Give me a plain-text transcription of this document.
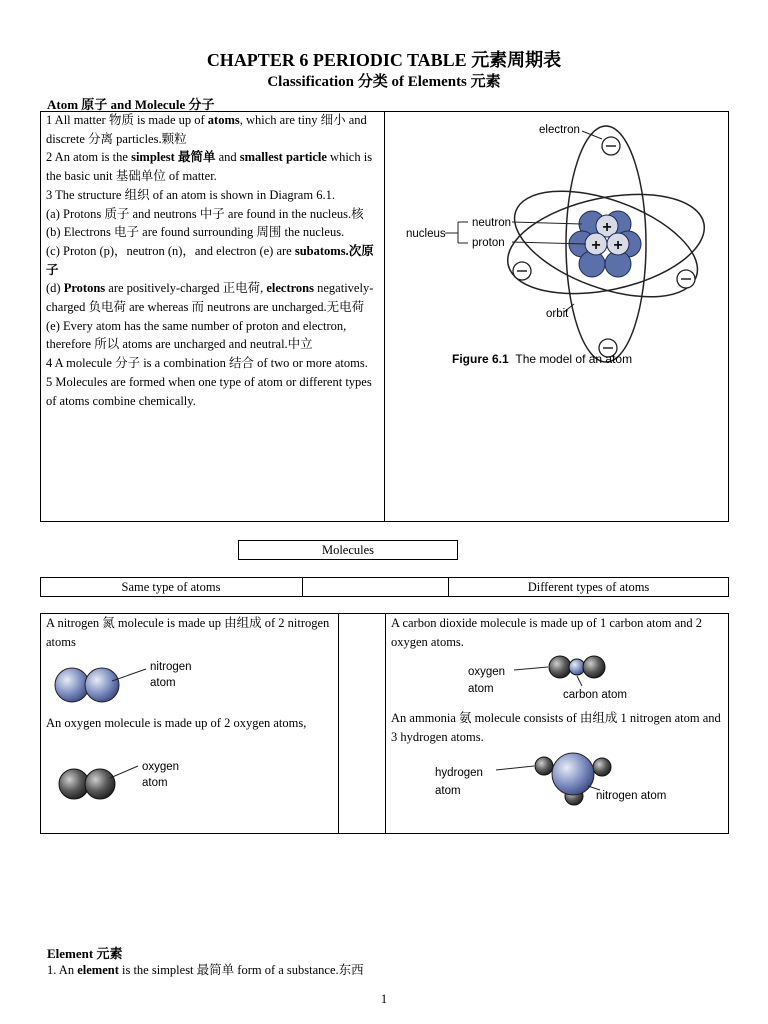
CHAPTER 6 PERIODIC TABLE 元素周期表
Classification 分类 of Elements 元素
Atom 原子 and Molecule 分子
1 All matter 物质 is made up of atoms, which are tiny 细小 and discrete 分离 particles.颗粒
2 An atom is the simplest 最简单 and smallest particle which is the basic unit 基础单位 of matter.
3 The structure 组织 of an atom is shown in Diagram 6.1.
(a) Protons 质子 and neutrons 中子 are found in the nucleus.核
(b) Electrons 电子 are found surrounding 周围 the nucleus.
(c) Proton (p)，neutron (n)，and electron (e) are subatoms.次原子
(d) Protons are positively-charged 正电荷, electrons negatively-charged 负电荷 are whereas 而 neutrons are uncharged.无电荷
(e) Every atom has the same number of proton and electron, therefore 所以 atoms are uncharged and neutral.中立
4 A molecule 分子 is a combination 结合 of two or more atoms.
5 Molecules are formed when one type of atom or different types of atoms combine chemically.
+
+ +
electron
neutron
proton
nucleus
orbit
Figure 6.1 The model of an atom
Molecules
Same type of atoms	Different types of atoms
A nitrogen 氮 molecule is made up 由组成 of 2 nitrogen atoms
nitrogen
atom
An oxygen molecule is made up of 2 oxygen atoms,
oxygen
atom
A carbon dioxide molecule is made up of 1 carbon atom and 2 oxygen atoms.
oxygen
atom	carbon atom
An ammonia 氨 molecule consists of 由组成 1 nitrogen atom and 3 hydrogen atoms.
hydrogen
atom	nitrogen atom
Element 元素
1. An element is the simplest 最简单 form of a substance.东西
1
